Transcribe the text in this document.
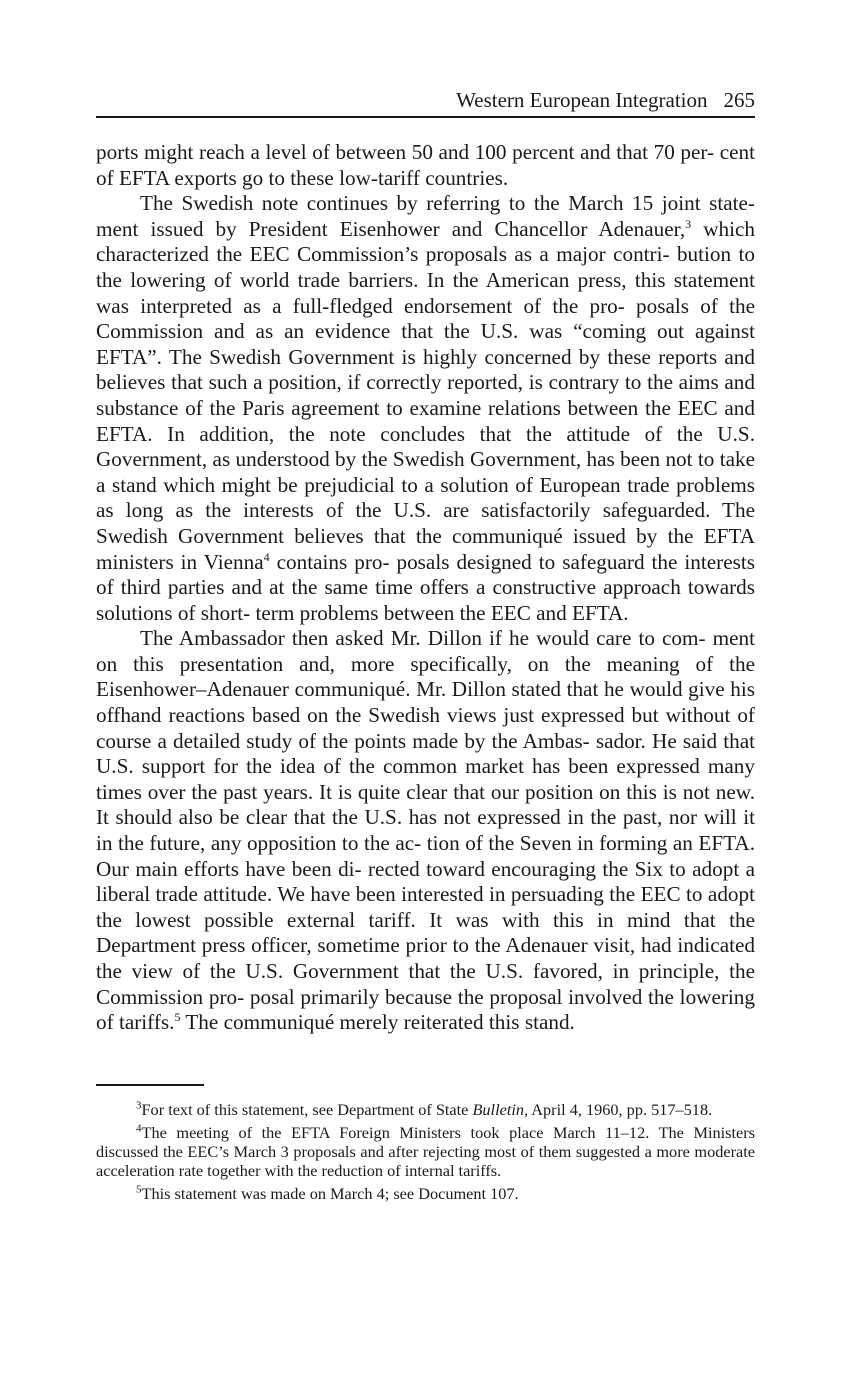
Western European Integration 265

ports might reach a level of between 50 and 100 percent and that 70 per- cent of EFTA exports go to these low-tariff countries.

The Swedish note continues by referring to the March 15 joint state- ment issued by President Eisenhower and Chancellor Adenauer,$^3$ which characterized the EEC Commission’s proposals as a major contri- bution to the lowering of world trade barriers. In the American press, this statement was interpreted as a full-fledged endorsement of the pro- posals of the Commission and as an evidence that the U.S. was “coming out against EFTA”. The Swedish Government is highly concerned by these reports and believes that such a position, if correctly reported, is contrary to the aims and substance of the Paris agreement to examine relations between the EEC and EFTA. In addition, the note concludes that the attitude of the U.S. Government, as understood by the Swedish Government, has been not to take a stand which might be prejudicial to a solution of European trade problems as long as the interests of the U.S. are satisfactorily safeguarded. The Swedish Government believes that the communiqué issued by the EFTA ministers in Vienna$^4$ contains pro- posals designed to safeguard the interests of third parties and at the same time offers a constructive approach towards solutions of short- term problems between the EEC and EFTA.

The Ambassador then asked Mr. Dillon if he would care to com- ment on this presentation and, more specifically, on the meaning of the Eisenhower–Adenauer communiqué. Mr. Dillon stated that he would give his offhand reactions based on the Swedish views just expressed but without of course a detailed study of the points made by the Ambas- sador. He said that U.S. support for the idea of the common market has been expressed many times over the past years. It is quite clear that our position on this is not new. It should also be clear that the U.S. has not expressed in the past, nor will it in the future, any opposition to the ac- tion of the Seven in forming an EFTA. Our main efforts have been di- rected toward encouraging the Six to adopt a liberal trade attitude. We have been interested in persuading the EEC to adopt the lowest possible external tariff. It was with this in mind that the Department press officer, sometime prior to the Adenauer visit, had indicated the view of the U.S. Government that the U.S. favored, in principle, the Commission pro- posal primarily because the proposal involved the lowering of tariffs.$^5$ The communiqué merely reiterated this stand.

$^3$For text of this statement, see Department of State Bulletin, April 4, 1960, pp. 517–518.

$^4$The meeting of the EFTA Foreign Ministers took place March 11–12. The Ministers discussed the EEC’s March 3 proposals and after rejecting most of them suggested a more moderate acceleration rate together with the reduction of internal tariffs.

$^5$This statement was made on March 4; see Document 107.
